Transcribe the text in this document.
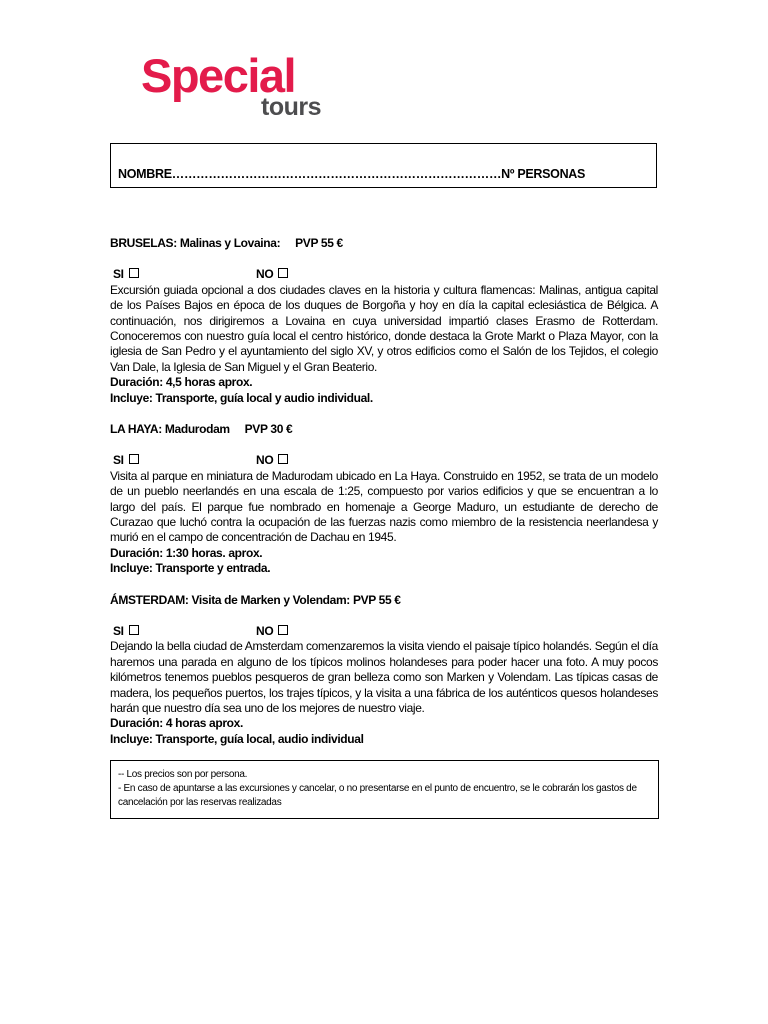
Special
tours
NOMBRE………………………………………………………………………Nº PERSONAS
BRUSELAS: Malinas y Lovaina:     PVP 55 €
SI	NO

Excursión guiada opcional a dos ciudades claves en la historia y cultura flamencas: Malinas, antigua capital de los Países Bajos en época de los duques de Borgoña y hoy en día la capital eclesiástica de Bélgica. A continuación, nos dirigiremos a Lovaina en cuya universidad impartió clases Erasmo de Rotterdam. Conoceremos con nuestro guía local el centro histórico, donde destaca la Grote Markt o Plaza Mayor, con la iglesia de San Pedro y el ayuntamiento del siglo XV, y otros edificios como el Salón de los Tejidos, el colegio Van Dale, la Iglesia de San Miguel y el Gran Beaterio.

Duración: 4,5 horas aprox.

Incluye: Transporte, guía local y audio individual.

LA HAYA: Madurodam     PVP 30 €
SI	NO

Visita al parque en miniatura de Madurodam ubicado en La Haya. Construido en 1952, se trata de un modelo de un pueblo neerlandés en una escala de 1:25, compuesto por varios edificios y que se encuentran a lo largo del país. El parque fue nombrado en homenaje a George Maduro, un estudiante de derecho de Curazao que luchó contra la ocupación de las fuerzas nazis como miembro de la resistencia neerlandesa y murió en el campo de concentración de Dachau en 1945.

Duración: 1:30 horas. aprox.

Incluye: Transporte y entrada.

ÁMSTERDAM: Visita de Marken y Volendam: PVP 55 €
SI	NO

Dejando la bella ciudad de Amsterdam comenzaremos la visita viendo el paisaje típico holandés. Según el día haremos una parada en alguno de los típicos molinos holandeses para poder hacer una foto. A muy pocos kilómetros tenemos pueblos pesqueros de gran belleza como son Marken y Volendam. Las típicas casas de madera, los pequeños puertos, los trajes típicos, y la visita a una fábrica de los auténticos quesos holandeses harán que nuestro día sea uno de los mejores de nuestro viaje.

Duración: 4 horas aprox.

Incluye: Transporte, guía local, audio individual

-- Los precios son por persona.

- En caso de apuntarse a las excursiones y cancelar, o no presentarse en el punto de encuentro, se le cobrarán los gastos de cancelación por las reservas realizadas
